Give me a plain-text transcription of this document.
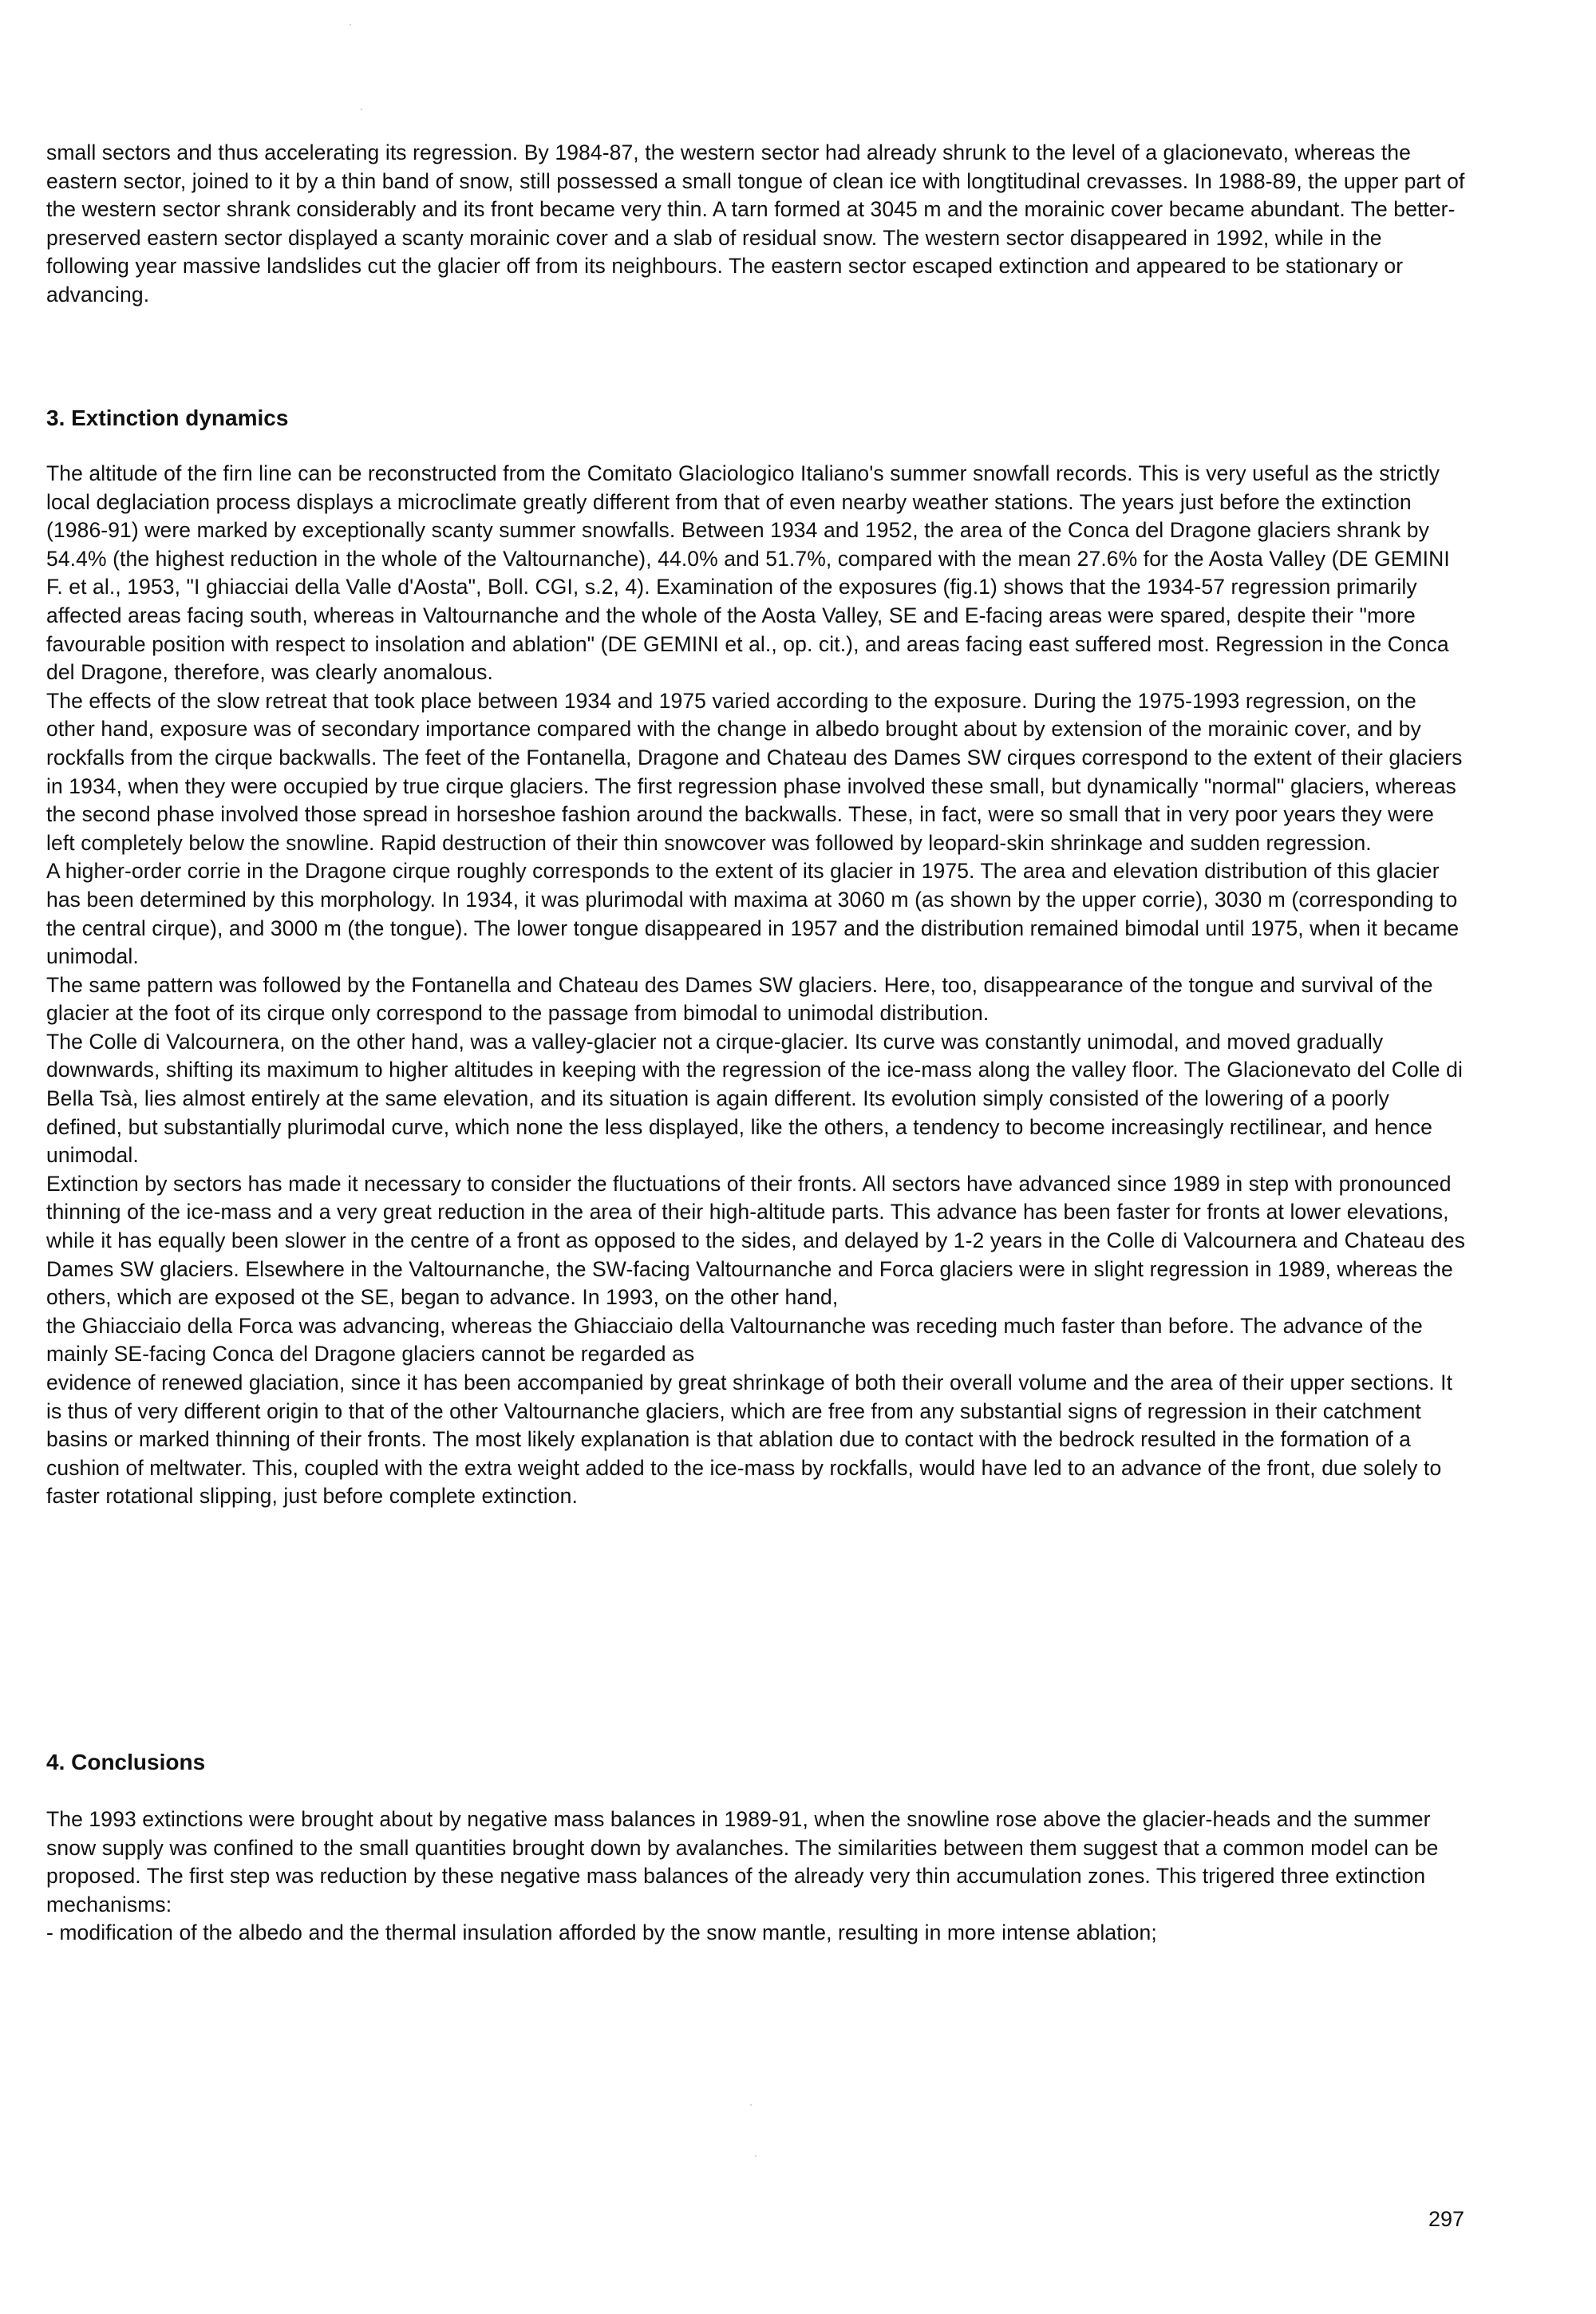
small sectors and thus accelerating its regression. By 1984-87, the western sector had already shrunk to the level of a glacionevato, whereas the eastern sector, joined to it by a thin band of snow, still possessed a small tongue of clean ice with longtitudinal crevasses. In 1988-89, the upper part of the western sector shrank considerably and its front became very thin. A tarn formed at 3045 m and the morainic cover became abundant. The better-preserved eastern sector displayed a scanty morainic cover and a slab of residual snow. The western sector disappeared in 1992, while in the following year massive landslides cut the glacier off from its neighbours. The eastern sector escaped extinction and appeared to be stationary or advancing.

3. Extinction dynamics

The altitude of the firn line can be reconstructed from the Comitato Glaciologico Italiano's summer snowfall records. This is very useful as the strictly local deglaciation process displays a microclimate greatly different from that of even nearby weather stations. The years just before the extinction (1986-91) were marked by exceptionally scanty summer snowfalls. Between 1934 and 1952, the area of the Conca del Dragone glaciers shrank by 54.4% (the highest reduction in the whole of the Valtournanche), 44.0% and 51.7%, compared with the mean 27.6% for the Aosta Valley (DE GEMINI F. et al., 1953, "I ghiacciai della Valle d'Aosta", Boll. CGI, s.2, 4). Examination of the exposures (fig.1) shows that the 1934-57 regression primarily affected areas facing south, whereas in Valtournanche and the whole of the Aosta Valley, SE and E-facing areas were spared, despite their "more favourable position with respect to insolation and ablation" (DE GEMINI et al., op. cit.), and areas facing east suffered most. Regression in the Conca del Dragone, therefore, was clearly anomalous.

The effects of the slow retreat that took place between 1934 and 1975 varied according to the exposure. During the 1975-1993 regression, on the other hand, exposure was of secondary importance compared with the change in albedo brought about by extension of the morainic cover, and by rockfalls from the cirque backwalls. The feet of the Fontanella, Dragone and Chateau des Dames SW cirques correspond to the extent of their glaciers in 1934, when they were occupied by true cirque glaciers. The first regression phase involved these small, but dynamically "normal" glaciers, whereas the second phase involved those spread in horseshoe fashion around the backwalls. These, in fact, were so small that in very poor years they were left completely below the snowline. Rapid destruction of their thin snowcover was followed by leopard-skin shrinkage and sudden regression.

A higher-order corrie in the Dragone cirque roughly corresponds to the extent of its glacier in 1975. The area and elevation distribution of this glacier has been determined by this morphology. In 1934, it was plurimodal with maxima at 3060 m (as shown by the upper corrie), 3030 m (corresponding to the central cirque), and 3000 m (the tongue). The lower tongue disappeared in 1957 and the distribution remained bimodal until 1975, when it became unimodal.

The same pattern was followed by the Fontanella and Chateau des Dames SW glaciers. Here, too, disappearance of the tongue and survival of the glacier at the foot of its cirque only correspond to the passage from bimodal to unimodal distribution.

The Colle di Valcournera, on the other hand, was a valley-glacier not a cirque-glacier. Its curve was constantly unimodal, and moved gradually downwards, shifting its maximum to higher altitudes in keeping with the regression of the ice-mass along the valley floor. The Glacionevato del Colle di Bella Tsà, lies almost entirely at the same elevation, and its situation is again different. Its evolution simply consisted of the lowering of a poorly defined, but substantially plurimodal curve, which none the less displayed, like the others, a tendency to become increasingly rectilinear, and hence unimodal.

Extinction by sectors has made it necessary to consider the fluctuations of their fronts. All sectors have advanced since 1989 in step with pronounced thinning of the ice-mass and a very great reduction in the area of their high-altitude parts. This advance has been faster for fronts at lower elevations, while it has equally been slower in the centre of a front as opposed to the sides, and delayed by 1-2 years in the Colle di Valcournera and Chateau des Dames SW glaciers. Elsewhere in the Valtournanche, the SW-facing Valtournanche and Forca glaciers were in slight regression in 1989, whereas the others, which are exposed ot the SE, began to advance. In 1993, on the other hand,

the Ghiacciaio della Forca was advancing, whereas the Ghiacciaio della Valtournanche was receding much faster than before. The advance of the mainly SE-facing Conca del Dragone glaciers cannot be regarded as

evidence of renewed glaciation, since it has been accompanied by great shrinkage of both their overall volume and the area of their upper sections. It is thus of very different origin to that of the other Valtournanche glaciers, which are free from any substantial signs of regression in their catchment basins or marked thinning of their fronts. The most likely explanation is that ablation due to contact with the bedrock resulted in the formation of a cushion of meltwater. This, coupled with the extra weight added to the ice-mass by rockfalls, would have led to an advance of the front, due solely to faster rotational slipping, just before complete extinction.

4. Conclusions

The 1993 extinctions were brought about by negative mass balances in 1989-91, when the snowline rose above the glacier-heads and the summer snow supply was confined to the small quantities brought down by avalanches. The similarities between them suggest that a common model can be proposed. The first step was reduction by these negative mass balances of the already very thin accumulation zones. This trigered three extinction mechanisms:

- modification of the albedo and the thermal insulation afforded by the snow mantle, resulting in more intense ablation;

297
